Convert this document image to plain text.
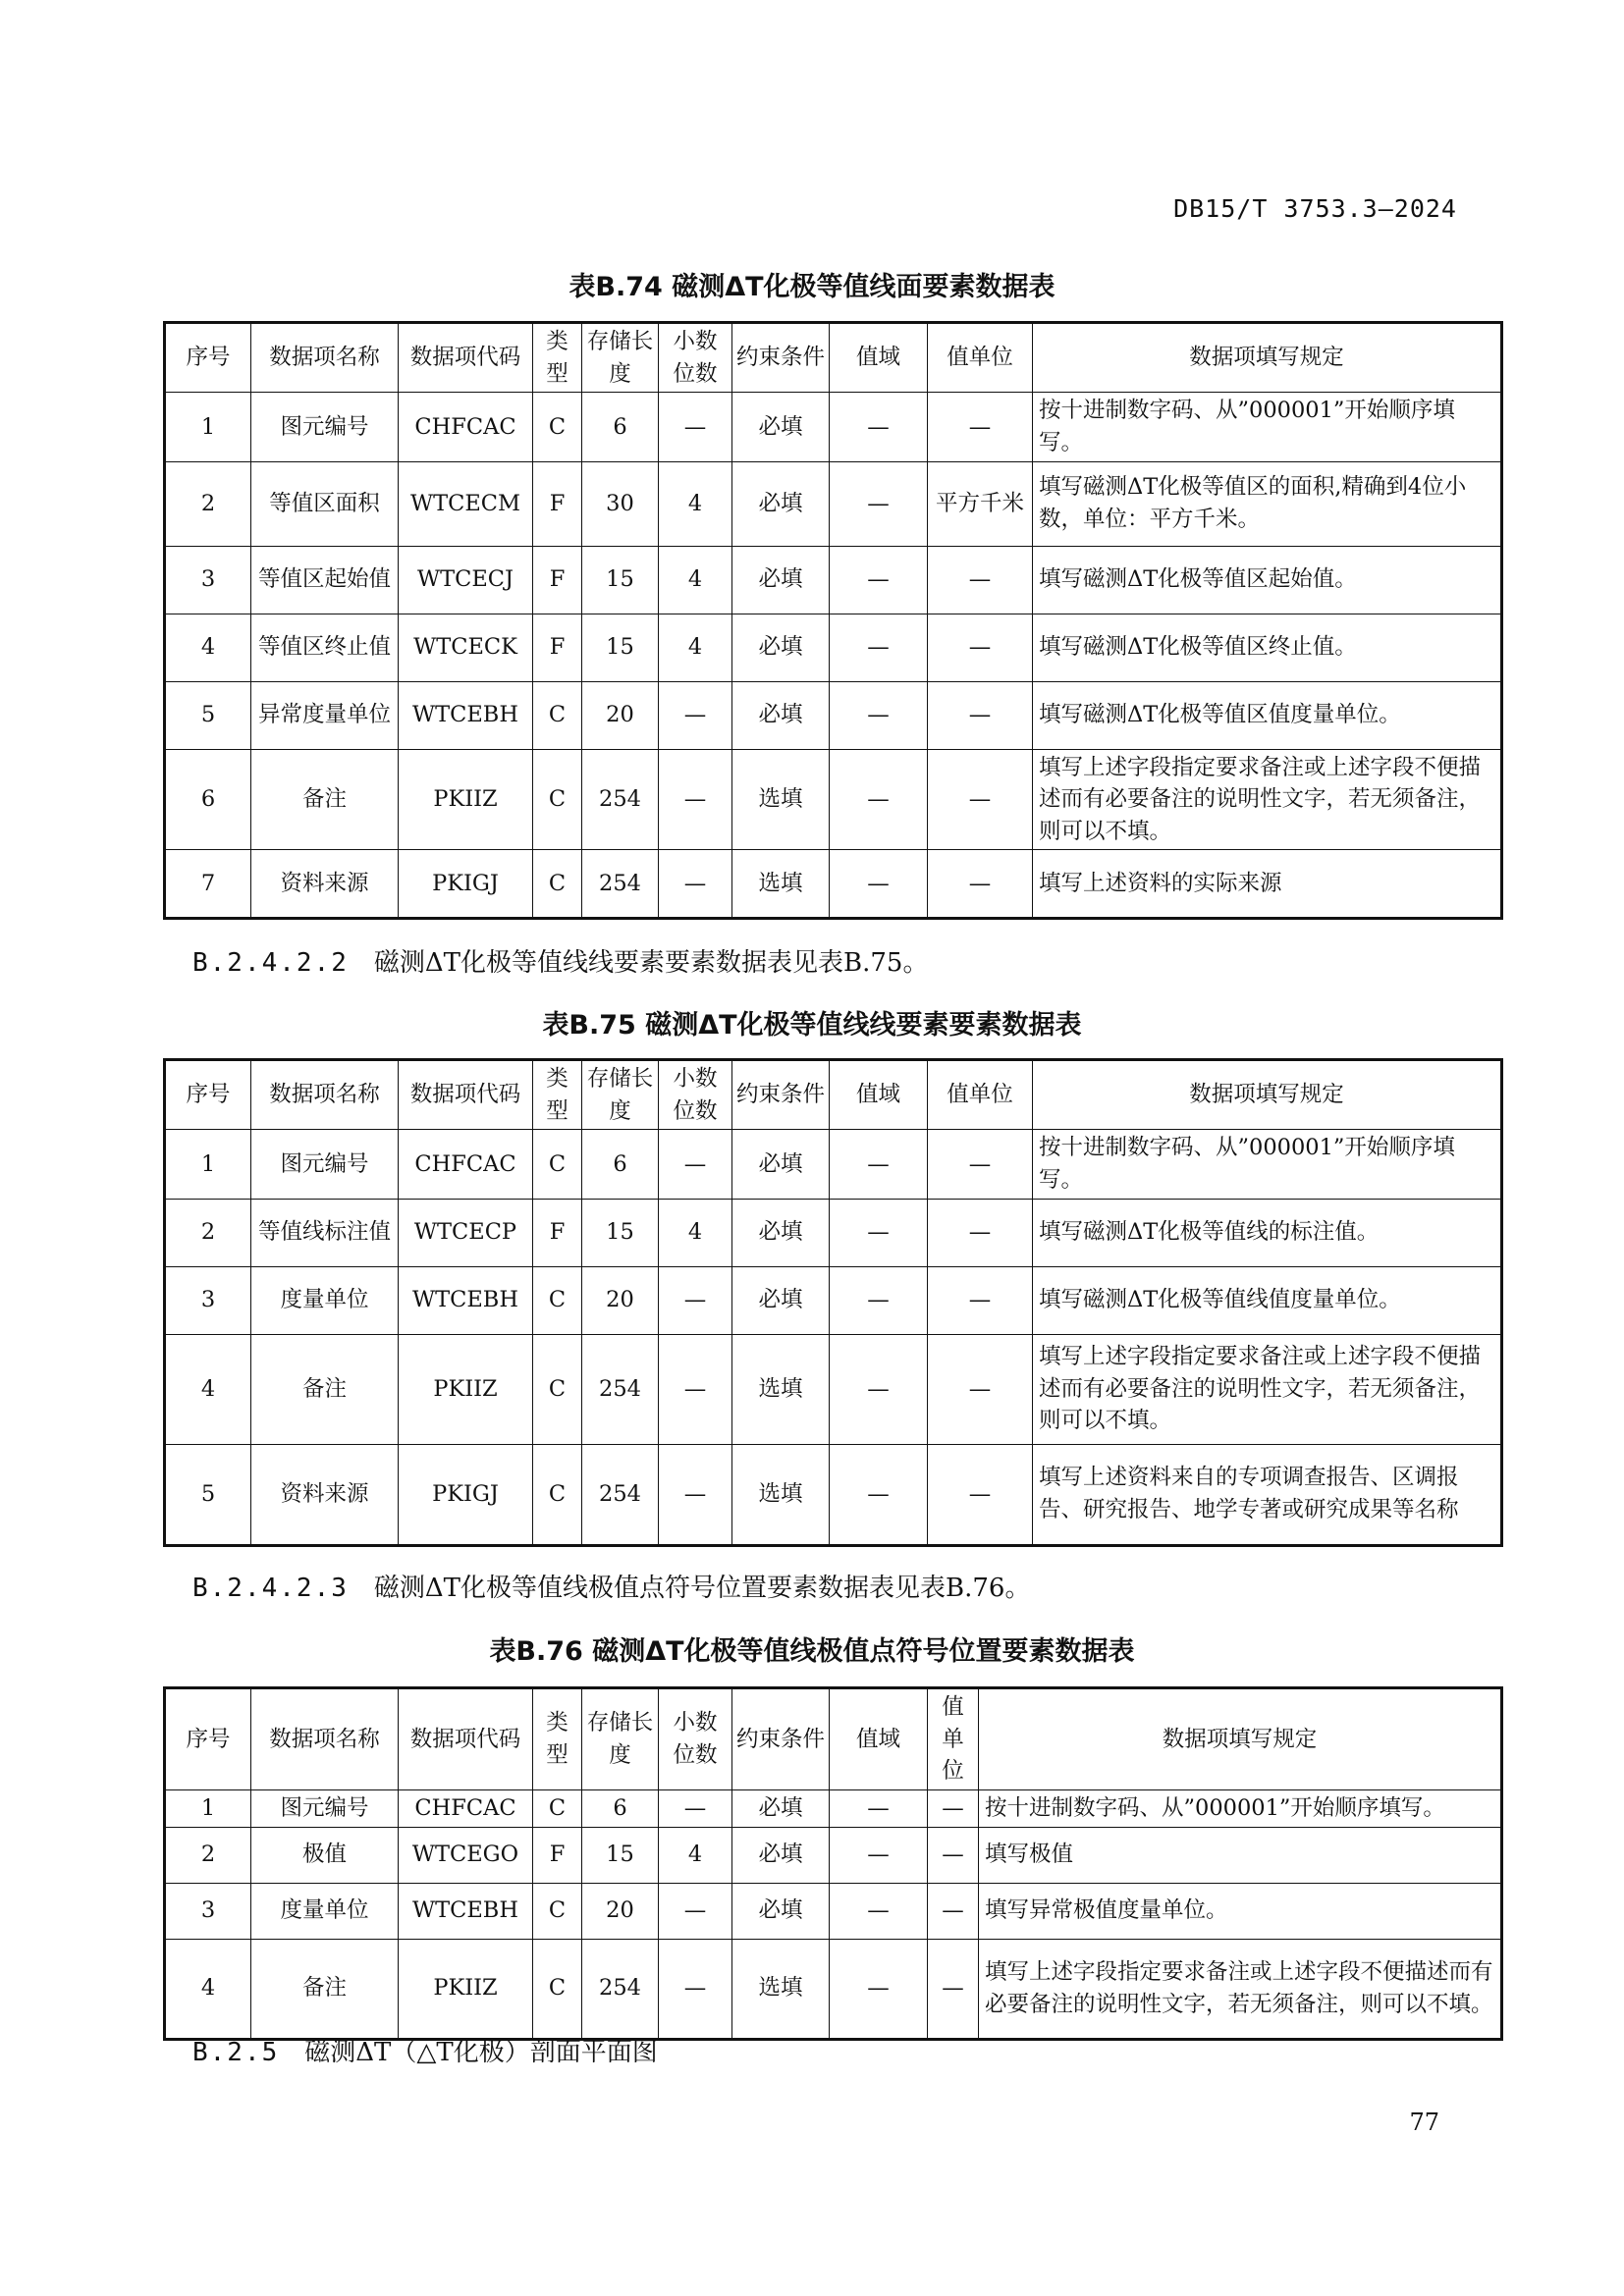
DB15/T 3753.3—2024
表B.74 磁测ΔT化极等值线面要素数据表
序号	数据项名称	数据项代码	类型	存储长度	小数位数	约束条件	值域	值单位	数据项填写规定
1	图元编号	CHFCAC	C	6	—	必填	—	—	按十进制数字码、从”000001”开始顺序填写。
2	等值区面积	WTCECM	F	30	4	必填	—	平方千米	填写磁测ΔT化极等值区的面积,精确到4位小数，单位：平方千米。
3	等值区起始值	WTCECJ	F	15	4	必填	—	—	填写磁测ΔT化极等值区起始值。
4	等值区终止值	WTCECK	F	15	4	必填	—	—	填写磁测ΔT化极等值区终止值。
5	异常度量单位	WTCEBH	C	20	—	必填	—	—	填写磁测ΔT化极等值区值度量单位。
6	备注	PKIIZ	C	254	—	选填	—	—	填写上述字段指定要求备注或上述字段不便描述而有必要备注的说明性文字，若无须备注，则可以不填。
7	资料来源	PKIGJ	C	254	—	选填	—	—	填写上述资料的实际来源
B.2.4.2.2 磁测ΔT化极等值线线要素要素数据表见表B.75。
表B.75 磁测ΔT化极等值线线要素要素数据表
序号	数据项名称	数据项代码	类型	存储长度	小数位数	约束条件	值域	值单位	数据项填写规定
1	图元编号	CHFCAC	C	6	—	必填	—	—	按十进制数字码、从”000001”开始顺序填写。
2	等值线标注值	WTCECP	F	15	4	必填	—	—	填写磁测ΔT化极等值线的标注值。
3	度量单位	WTCEBH	C	20	—	必填	—	—	填写磁测ΔT化极等值线值度量单位。
4	备注	PKIIZ	C	254	—	选填	—	—	填写上述字段指定要求备注或上述字段不便描述而有必要备注的说明性文字，若无须备注，则可以不填。
5	资料来源	PKIGJ	C	254	—	选填	—	—	填写上述资料来自的专项调查报告、区调报告、研究报告、地学专著或研究成果等名称
B.2.4.2.3 磁测ΔT化极等值线极值点符号位置要素数据表见表B.76。
表B.76 磁测ΔT化极等值线极值点符号位置要素数据表
序号	数据项名称	数据项代码	类型	存储长度	小数位数	约束条件	值域	值单位	数据项填写规定
1	图元编号	CHFCAC	C	6	—	必填	—	—	按十进制数字码、从”000001”开始顺序填写。
2	极值	WTCEGO	F	15	4	必填	—	—	填写极值
3	度量单位	WTCEBH	C	20	—	必填	—	—	填写异常极值度量单位。
4	备注	PKIIZ	C	254	—	选填	—	—	填写上述字段指定要求备注或上述字段不便描述而有必要备注的说明性文字，若无须备注，则可以不填。
B.2.5 磁测ΔT（△T化极）剖面平面图
77
